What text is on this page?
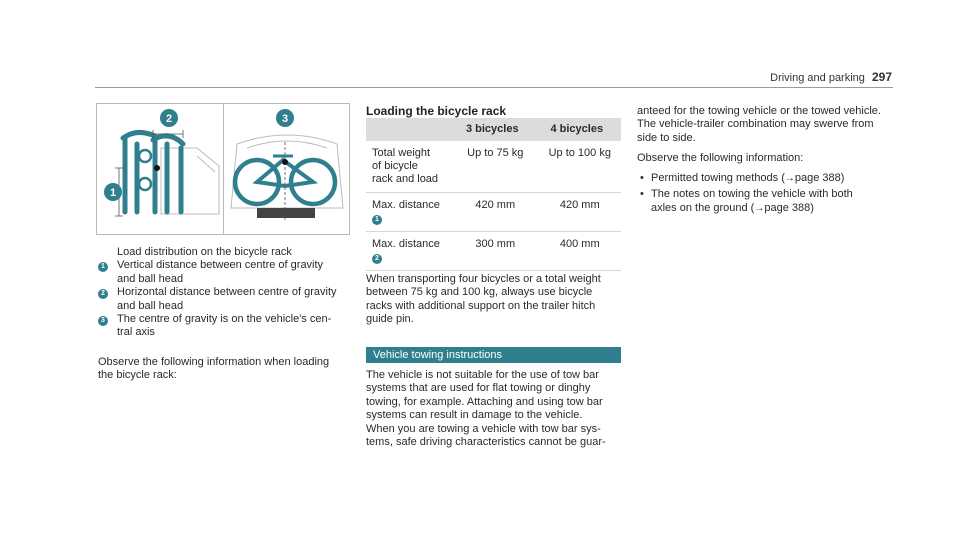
Driving and parking 297
2
1
3
Load distribution on the bicycle rack
1	Vertical distance between centre of gravity
and ball head
2	Horizontal distance between centre of gravity
and ball head
3	The centre of gravity is on the vehicle's cen-
tral axis
Observe the following information when loading
the bicycle rack:
Loading the bicycle rack
	3 bicycles	4 bicycles
Total weight
of bicycle
rack and load	Up to 75 kg	Up to 100 kg
Max. distance
1	420 mm	420 mm
Max. distance
2	300 mm	400 mm
When transporting four bicycles or a total weight
between 75 kg and 100 kg, always use bicycle
racks with additional support on the trailer hitch
guide pin.
Vehicle towing instructions
The vehicle is not suitable for the use of tow bar
systems that are used for flat towing or dinghy
towing, for example. Attaching and using tow bar
systems can result in damage to the vehicle.
When you are towing a vehicle with tow bar sys-
tems, safe driving characteristics cannot be guar-
anteed for the towing vehicle or the towed vehicle.
The vehicle-trailer combination may swerve from
side to side.
Observe the following information:
• Permitted towing methods (→page 388)
• The notes on towing the vehicle with both
axles on the ground (→page 388)
